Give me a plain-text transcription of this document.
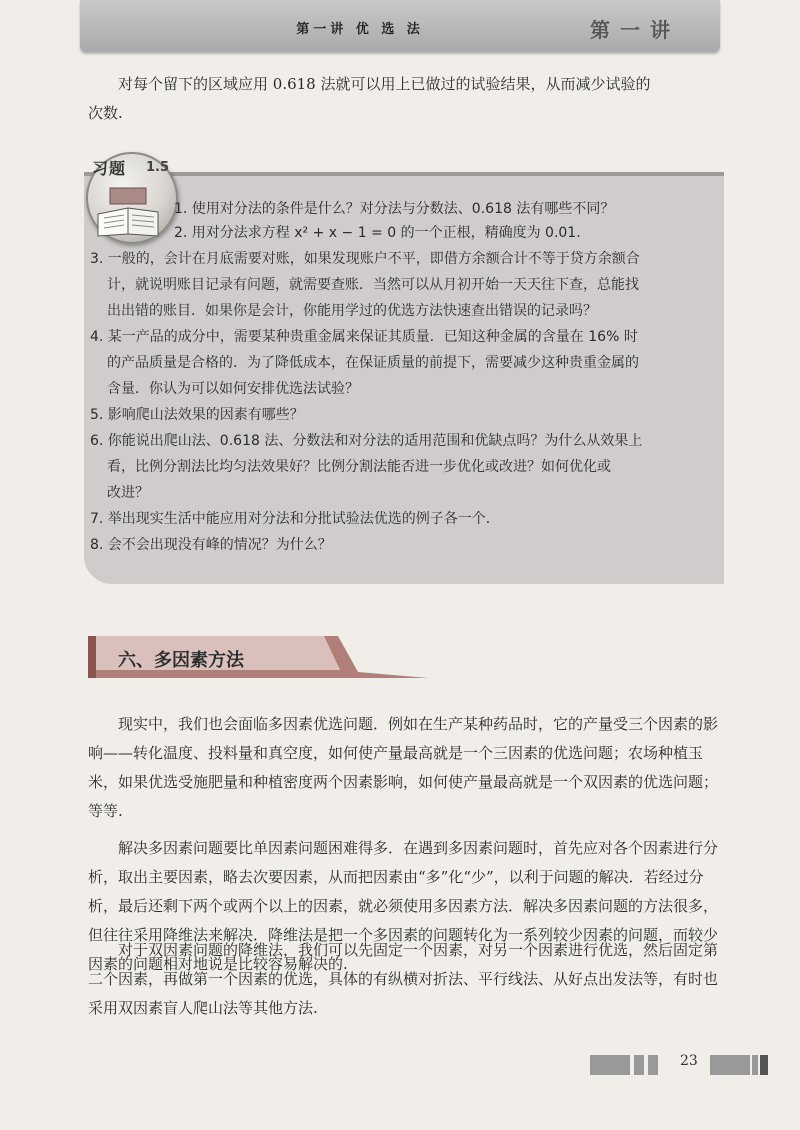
第一讲 优 选 法	第一讲

对每个留下的区域应用 0.618 法就可以用上已做过的试验结果，从而减少试验的
次数.

习题	1.5

1. 使用对分法的条件是什么？对分法与分数法、0.618 法有哪些不同？

2. 用对分法求方程 x² + x − 1 = 0 的一个正根，精确度为 0.01.

3. 一般的，会计在月底需要对账，如果发现账户不平，即借方余额合计不等于贷方余额合

计，就说明账目记录有问题，就需要查账．当然可以从月初开始一天天往下查，总能找

出出错的账目．如果你是会计，你能用学过的优选方法快速查出错误的记录吗？

4. 某一产品的成分中，需要某种贵重金属来保证其质量．已知这种金属的含量在 16% 时

的产品质量是合格的．为了降低成本，在保证质量的前提下，需要减少这种贵重金属的

含量．你认为可以如何安排优选法试验？

5. 影响爬山法效果的因素有哪些？

6. 你能说出爬山法、0.618 法、分数法和对分法的适用范围和优缺点吗？为什么从效果上

看，比例分割法比均匀法效果好？比例分割法能否进一步优化或改进？如何优化或

改进？

7. 举出现实生活中能应用对分法和分批试验法优选的例子各一个．

8. 会不会出现没有峰的情况？为什么？

六、多因素方法

现实中，我们也会面临多因素优选问题．例如在生产某种药品时，它的产量受三个因素的影响——转化温度、投料量和真空度，如何使产量最高就是一个三因素的优选问题；农场种植玉米，如果优选受施肥量和种植密度两个因素影响，如何使产量最高就是一个双因素的优选问题；等等.

解决多因素问题要比单因素问题困难得多．在遇到多因素问题时，首先应对各个因素进行分析，取出主要因素，略去次要因素，从而把因素由“多”化“少”，以利于问题的解决．若经过分析，最后还剩下两个或两个以上的因素，就必须使用多因素方法．解决多因素问题的方法很多，但往往采用降维法来解决．降维法是把一个多因素的问题转化为一系列较少因素的问题，而较少因素的问题相对地说是比较容易解决的.

对于双因素问题的降维法，我们可以先固定一个因素，对另一个因素进行优选，然后固定第二个因素，再做第一个因素的优选，具体的有纵横对折法、平行线法、从好点出发法等，有时也采用双因素盲人爬山法等其他方法.

23
